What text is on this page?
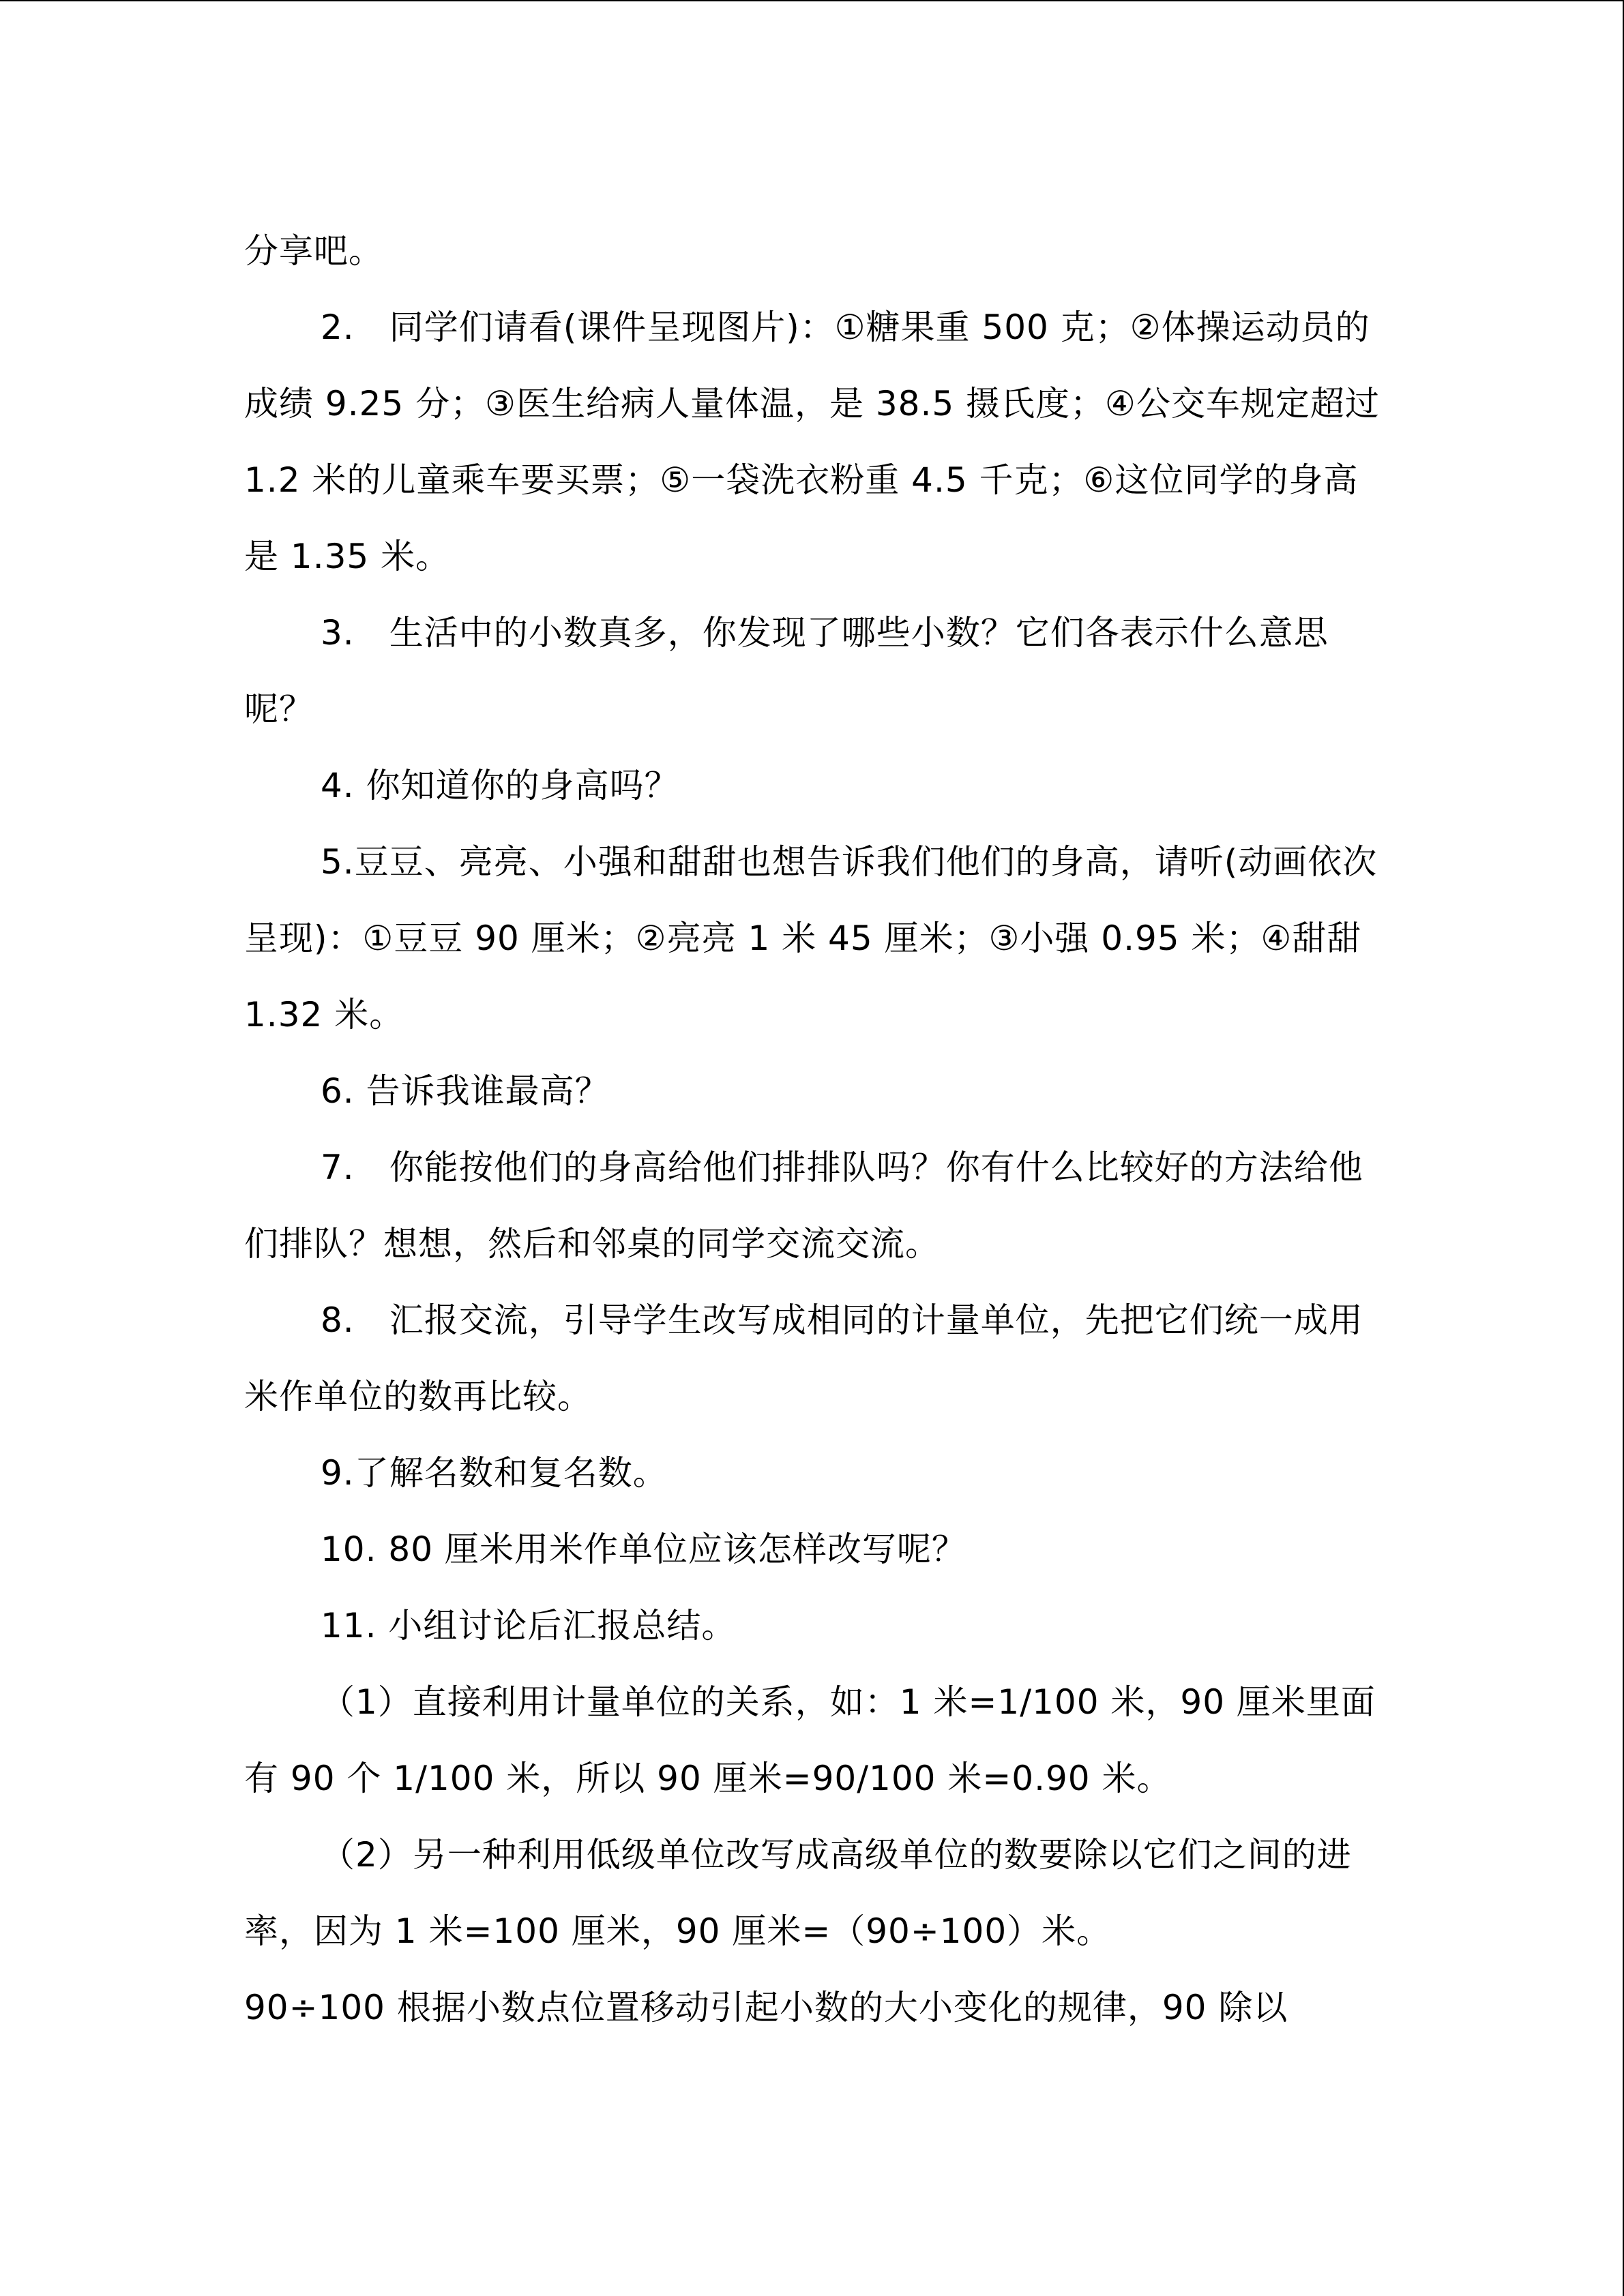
分享吧。

2.　同学们请看(课件呈现图片)：①糖果重 500 克；②体操运动员的成绩 9.25 分；③医生给病人量体温，是 38.5 摄氏度；④公交车规定超过 1.2 米的儿童乘车要买票；⑤一袋洗衣粉重 4.5 千克；⑥这位同学的身高是 1.35 米。

3.　生活中的小数真多，你发现了哪些小数？它们各表示什么意思呢？

4. 你知道你的身高吗？

5.豆豆、亮亮、小强和甜甜也想告诉我们他们的身高，请听(动画依次呈现)：①豆豆 90 厘米；②亮亮 1 米 45 厘米；③小强 0.95 米；④甜甜 1.32 米。

6. 告诉我谁最高？

7.　你能按他们的身高给他们排排队吗？你有什么比较好的方法给他们排队？想想，然后和邻桌的同学交流交流。

8.　汇报交流，引导学生改写成相同的计量单位，先把它们统一成用米作单位的数再比较。

9.了解名数和复名数。

10. 80 厘米用米作单位应该怎样改写呢？

11. 小组讨论后汇报总结。

（1）直接利用计量单位的关系，如：1 米=1/100 米，90 厘米里面有 90 个 1/100 米，所以 90 厘米=90/100 米=0.90 米。

（2）另一种利用低级单位改写成高级单位的数要除以它们之间的进率，因为 1 米=100 厘米，90 厘米=（90÷100）米。

90÷100 根据小数点位置移动引起小数的大小变化的规律，90 除以
